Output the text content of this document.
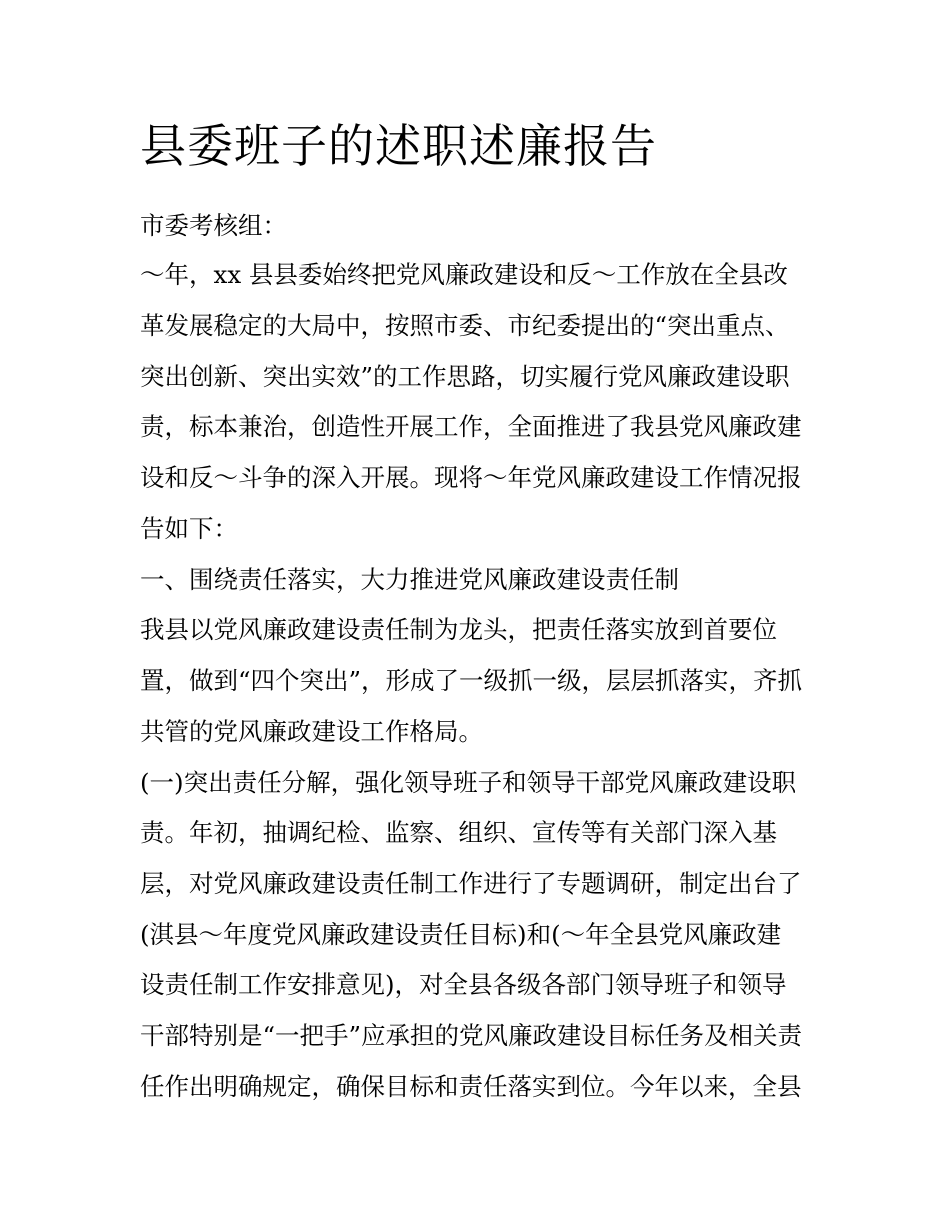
县委班子的述职述廉报告

市委考核组：

～年，xx 县县委始终把党风廉政建设和反～工作放在全县改

革发展稳定的大局中，按照市委、市纪委提出的“突出重点、

突出创新、突出实效”的工作思路，切实履行党风廉政建设职

责，标本兼治，创造性开展工作，全面推进了我县党风廉政建

设和反～斗争的深入开展。现将～年党风廉政建设工作情况报

告如下：

一、围绕责任落实，大力推进党风廉政建设责任制

我县以党风廉政建设责任制为龙头，把责任落实放到首要位

置，做到“四个突出”，形成了一级抓一级，层层抓落实，齐抓

共管的党风廉政建设工作格局。

(一)突出责任分解，强化领导班子和领导干部党风廉政建设职

责。年初，抽调纪检、监察、组织、宣传等有关部门深入基

层，对党风廉政建设责任制工作进行了专题调研，制定出台了

(淇县～年度党风廉政建设责任目标)和(～年全县党风廉政建

设责任制工作安排意见)，对全县各级各部门领导班子和领导

干部特别是“一把手”应承担的党风廉政建设目标任务及相关责

任作出明确规定，确保目标和责任落实到位。今年以来，全县
